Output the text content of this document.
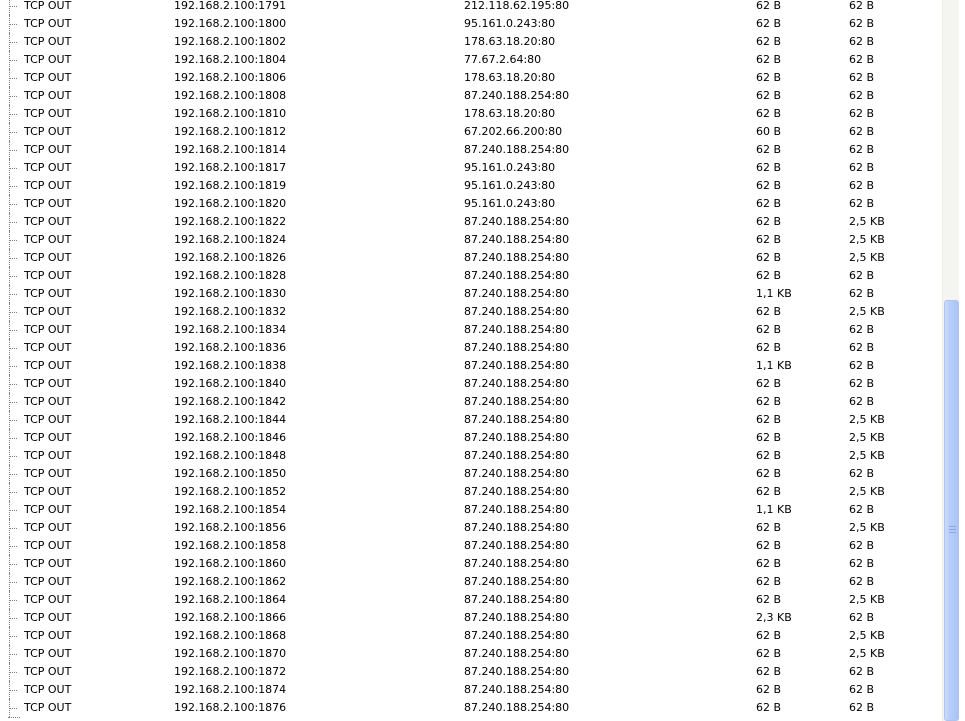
TCP OUT	192.168.2.100:1791	212.118.62.195:80	62 B	62 B
TCP OUT	192.168.2.100:1800	95.161.0.243:80	62 B	62 B
TCP OUT	192.168.2.100:1802	178.63.18.20:80	62 B	62 B
TCP OUT	192.168.2.100:1804	77.67.2.64:80	62 B	62 B
TCP OUT	192.168.2.100:1806	178.63.18.20:80	62 B	62 B
TCP OUT	192.168.2.100:1808	87.240.188.254:80	62 B	62 B
TCP OUT	192.168.2.100:1810	178.63.18.20:80	62 B	62 B
TCP OUT	192.168.2.100:1812	67.202.66.200:80	60 B	62 B
TCP OUT	192.168.2.100:1814	87.240.188.254:80	62 B	62 B
TCP OUT	192.168.2.100:1817	95.161.0.243:80	62 B	62 B
TCP OUT	192.168.2.100:1819	95.161.0.243:80	62 B	62 B
TCP OUT	192.168.2.100:1820	95.161.0.243:80	62 B	62 B
TCP OUT	192.168.2.100:1822	87.240.188.254:80	62 B	2,5 KB
TCP OUT	192.168.2.100:1824	87.240.188.254:80	62 B	2,5 KB
TCP OUT	192.168.2.100:1826	87.240.188.254:80	62 B	2,5 KB
TCP OUT	192.168.2.100:1828	87.240.188.254:80	62 B	62 B
TCP OUT	192.168.2.100:1830	87.240.188.254:80	1,1 KB	62 B
TCP OUT	192.168.2.100:1832	87.240.188.254:80	62 B	2,5 KB
TCP OUT	192.168.2.100:1834	87.240.188.254:80	62 B	62 B
TCP OUT	192.168.2.100:1836	87.240.188.254:80	62 B	62 B
TCP OUT	192.168.2.100:1838	87.240.188.254:80	1,1 KB	62 B
TCP OUT	192.168.2.100:1840	87.240.188.254:80	62 B	62 B
TCP OUT	192.168.2.100:1842	87.240.188.254:80	62 B	62 B
TCP OUT	192.168.2.100:1844	87.240.188.254:80	62 B	2,5 KB
TCP OUT	192.168.2.100:1846	87.240.188.254:80	62 B	2,5 KB
TCP OUT	192.168.2.100:1848	87.240.188.254:80	62 B	2,5 KB
TCP OUT	192.168.2.100:1850	87.240.188.254:80	62 B	62 B
TCP OUT	192.168.2.100:1852	87.240.188.254:80	62 B	2,5 KB
TCP OUT	192.168.2.100:1854	87.240.188.254:80	1,1 KB	62 B
TCP OUT	192.168.2.100:1856	87.240.188.254:80	62 B	2,5 KB
TCP OUT	192.168.2.100:1858	87.240.188.254:80	62 B	62 B
TCP OUT	192.168.2.100:1860	87.240.188.254:80	62 B	62 B
TCP OUT	192.168.2.100:1862	87.240.188.254:80	62 B	62 B
TCP OUT	192.168.2.100:1864	87.240.188.254:80	62 B	2,5 KB
TCP OUT	192.168.2.100:1866	87.240.188.254:80	2,3 KB	62 B
TCP OUT	192.168.2.100:1868	87.240.188.254:80	62 B	2,5 KB
TCP OUT	192.168.2.100:1870	87.240.188.254:80	62 B	2,5 KB
TCP OUT	192.168.2.100:1872	87.240.188.254:80	62 B	62 B
TCP OUT	192.168.2.100:1874	87.240.188.254:80	62 B	62 B
TCP OUT	192.168.2.100:1876	87.240.188.254:80	62 B	62 B
